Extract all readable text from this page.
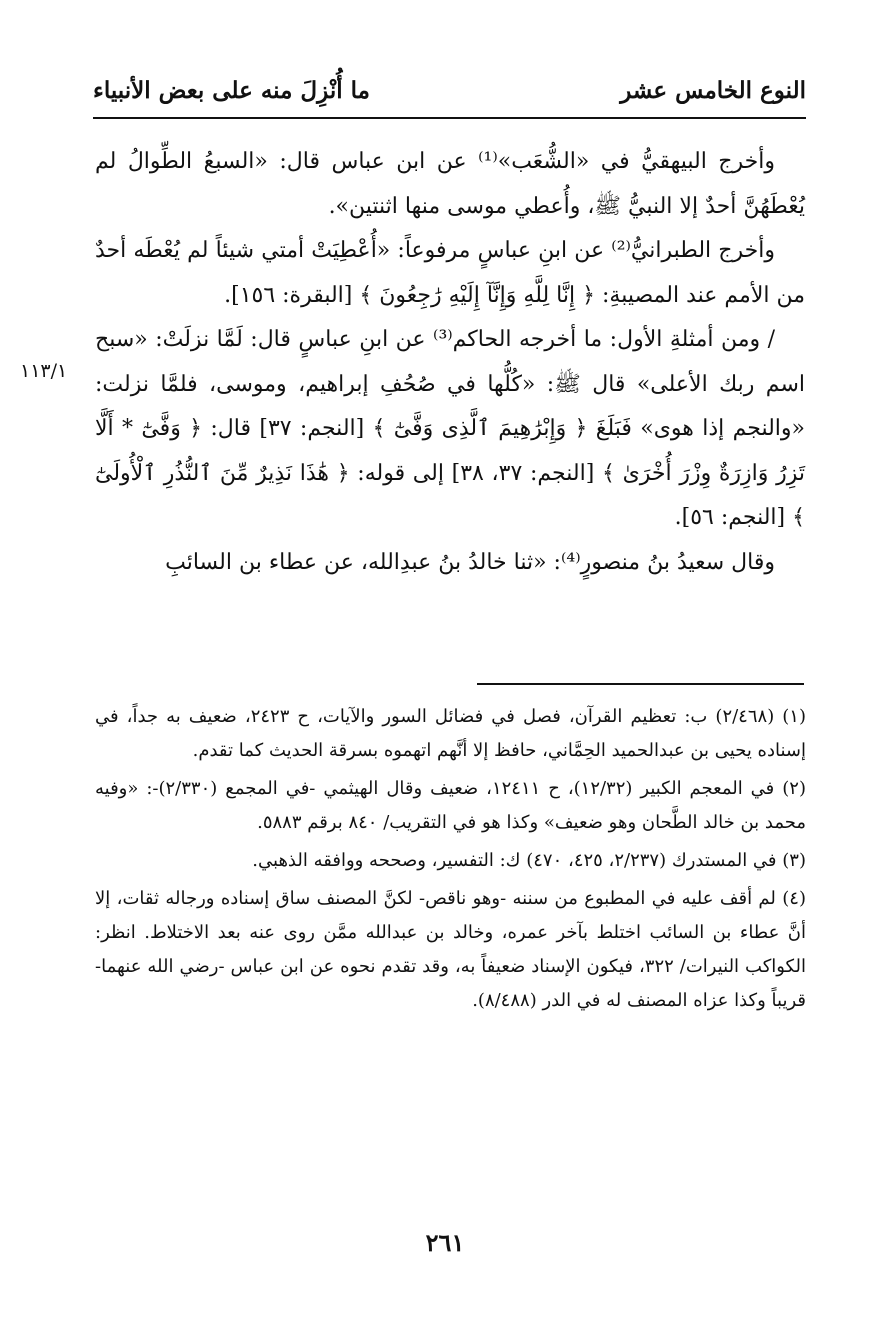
النوع الخامس عشر
ما أُنْزِلَ منه على بعض الأنبياء
١١٣/١

وأخرج البيهقيُّ في «الشُّعَب»⁽¹⁾ عن ابن عباس قال: «السبعُ الطِّوالُ لم يُعْطَهُنَّ أحدٌ إلا النبيُّ ﷺ، وأُعطي موسى منها اثنتين».

وأخرج الطبرانيُّ⁽²⁾ عن ابنِ عباسٍ مرفوعاً: «أُعْطِيَتْ أمتي شيئاً لم يُعْطَه أحدٌ من الأمم عند المصيبةِ: ﴿ إِنَّا لِلَّهِ وَإِنَّآ إِلَيْهِ رَٰجِعُونَ ﴾ [البقرة: ١٥٦].

/ ومن أمثلةِ الأول: ما أخرجه الحاكم⁽³⁾ عن ابنِ عباسٍ قال: لَمَّا نزلَتْ: «سبح اسم ربك الأعلى» قال ﷺ: «كُلُّها في صُحُفِ إبراهيم، وموسى، فلمَّا نزلت: «والنجم إذا هوى» فَبَلَغَ ﴿ وَإِبْرَٰهِيمَ ٱلَّذِى وَفَّىٰٓ ﴾ [النجم: ٣٧] قال: ﴿ وَفَّىٰٓ * أَلَّا تَزِرُ وَازِرَةٌ وِزْرَ أُخْرَىٰ ﴾ [النجم: ٣٧، ٣٨] إلى قوله: ﴿ هَٰذَا نَذِيرٌ مِّنَ ٱلنُّذُرِ ٱلْأُولَىٰٓ ﴾ [النجم: ٥٦].

وقال سعيدُ بنُ منصورٍ⁽⁴⁾: «ثنا خالدُ بنُ عبدِالله، عن عطاء بن السائبِ

(١) (٢/٤٦٨) ب: تعظيم القرآن، فصل في فضائل السور والآيات، ح ٢٤٢٣، ضعيف به جداً، في إسناده يحيى بن عبدالحميد الحِمَّاني، حافظ إلا أنَّهم اتهموه بسرقة الحديث كما تقدم.

(٢) في المعجم الكبير (١٢/٣٢)، ح ١٢٤١١، ضعيف وقال الهيثمي -في المجمع (٢/٣٣٠)-: «وفيه محمد بن خالد الطَّحان وهو ضعيف» وكذا هو في التقريب/ ٨٤٠ برقم ٥٨٨٣.

(٣) في المستدرك (٢/٢٣٧، ٤٢٥، ٤٧٠) ك: التفسير، وصححه ووافقه الذهبي.

(٤) لم أقف عليه في المطبوع من سننه -وهو ناقص- لكنَّ المصنف ساق إسناده ورجاله ثقات، إلا أنَّ عطاء بن السائب اختلط بآخر عمره، وخالد بن عبدالله ممَّن روى عنه بعد الاختلاط. انظر: الكواكب النيرات/ ٣٢٢، فيكون الإسناد ضعيفاً به، وقد تقدم نحوه عن ابن عباس -رضي الله عنهما- قريباً وكذا عزاه المصنف له في الدر (٨/٤٨٨).

٢٦١
